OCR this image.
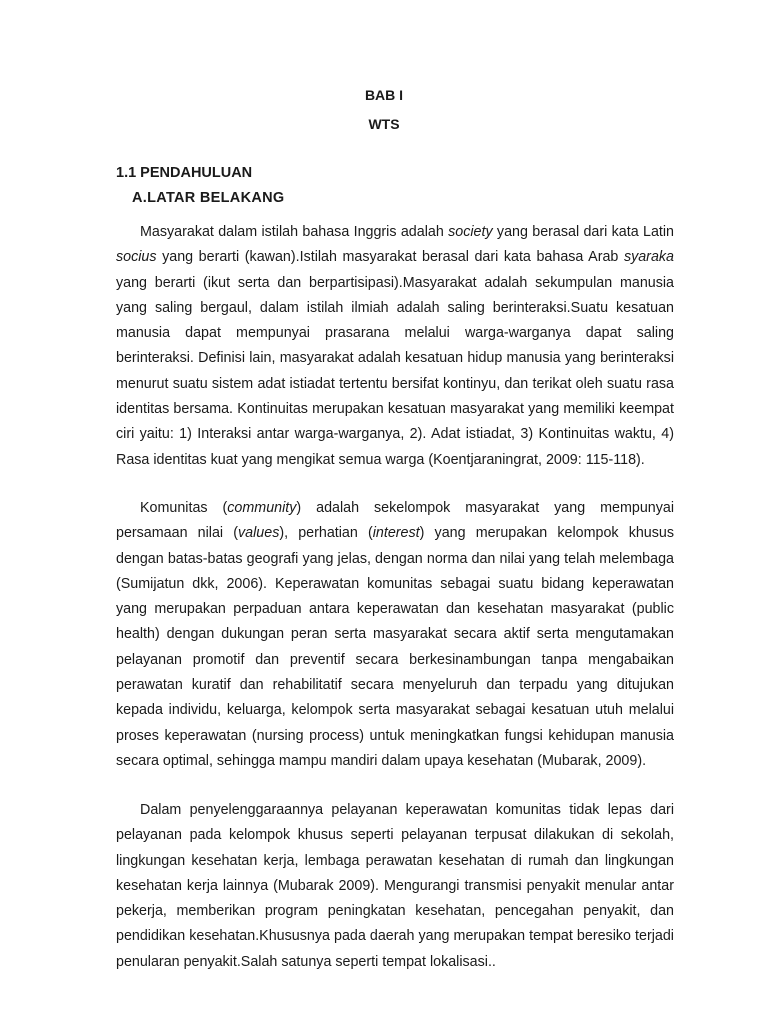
BAB I
WTS
1.1 PENDAHULUAN
A.LATAR BELAKANG

Masyarakat dalam istilah bahasa Inggris adalah society yang berasal dari kata Latin socius yang berarti (kawan).Istilah masyarakat berasal dari kata bahasa Arab syaraka yang berarti (ikut serta dan berpartisipasi).Masyarakat adalah sekumpulan manusia yang saling bergaul, dalam istilah ilmiah adalah saling berinteraksi.Suatu kesatuan manusia dapat mempunyai prasarana melalui warga-warganya dapat saling berinteraksi. Definisi lain, masyarakat adalah kesatuan hidup manusia yang berinteraksi menurut suatu sistem adat istiadat tertentu bersifat kontinyu, dan terikat oleh suatu rasa identitas bersama. Kontinuitas merupakan kesatuan masyarakat yang memiliki keempat ciri yaitu: 1) Interaksi antar warga-warganya, 2). Adat istiadat, 3) Kontinuitas waktu, 4) Rasa identitas kuat yang mengikat semua warga (Koentjaraningrat, 2009: 115-118).

Komunitas (community) adalah sekelompok masyarakat yang mempunyai persamaan nilai (values), perhatian (interest) yang merupakan kelompok khusus dengan batas-batas geografi yang jelas, dengan norma dan nilai yang telah melembaga (Sumijatun dkk, 2006). Keperawatan komunitas sebagai suatu bidang keperawatan yang merupakan perpaduan antara keperawatan dan kesehatan masyarakat (public health) dengan dukungan peran serta masyarakat secara aktif serta mengutamakan pelayanan promotif dan preventif secara berkesinambungan tanpa mengabaikan perawatan kuratif dan rehabilitatif secara menyeluruh dan terpadu yang ditujukan kepada individu, keluarga, kelompok serta masyarakat sebagai kesatuan utuh melalui proses keperawatan (nursing process) untuk meningkatkan fungsi kehidupan manusia secara optimal, sehingga mampu mandiri dalam upaya kesehatan (Mubarak, 2009).

Dalam penyelenggaraannya pelayanan keperawatan komunitas tidak lepas dari pelayanan pada kelompok khusus seperti pelayanan terpusat dilakukan di sekolah, lingkungan kesehatan kerja, lembaga perawatan kesehatan di rumah dan lingkungan kesehatan kerja lainnya (Mubarak 2009). Mengurangi transmisi penyakit menular antar pekerja, memberikan program peningkatan kesehatan, pencegahan penyakit, dan pendidikan kesehatan.Khususnya pada daerah yang merupakan tempat beresiko terjadi penularan penyakit.Salah satunya seperti tempat lokalisasi..
